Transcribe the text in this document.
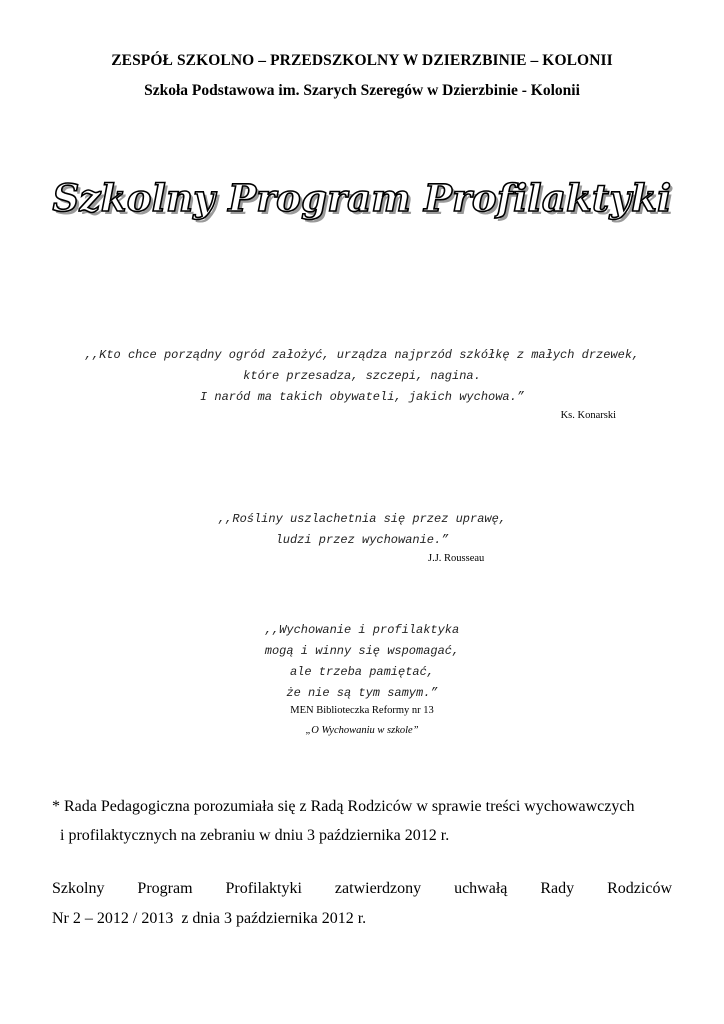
ZESPÓŁ SZKOLNO – PRZEDSZKOLNY W DZIERZBINIE – KOLONII
Szkoła Podstawowa im. Szarych Szeregów w Dzierzbinie - Kolonii
Szkolny Program Profilaktyki
,,Kto chce porządny ogród założyć, urządza najprzód szkółkę z małych drzewek,
które przesadza, szczepi, nagina.
I naród ma takich obywateli, jakich wychowa.”
Ks. Konarski
,,Rośliny uszlachetnia się przez uprawę,
ludzi przez wychowanie.”
J.J. Rousseau
,,Wychowanie i profilaktyka
mogą i winny się wspomagać,
ale trzeba pamiętać,
że nie są tym samym.”
MEN Biblioteczka Reformy nr 13
„O Wychowaniu w szkole”
* Rada Pedagogiczna porozumiała się z Radą Rodziców w sprawie treści wychowawczych
i profilaktycznych na zebraniu w dniu 3 października 2012 r.
Szkolny Program Profilaktyki zatwierdzony uchwałą Rady Rodziców
Nr 2 – 2012 / 2013  z dnia 3 października 2012 r.
